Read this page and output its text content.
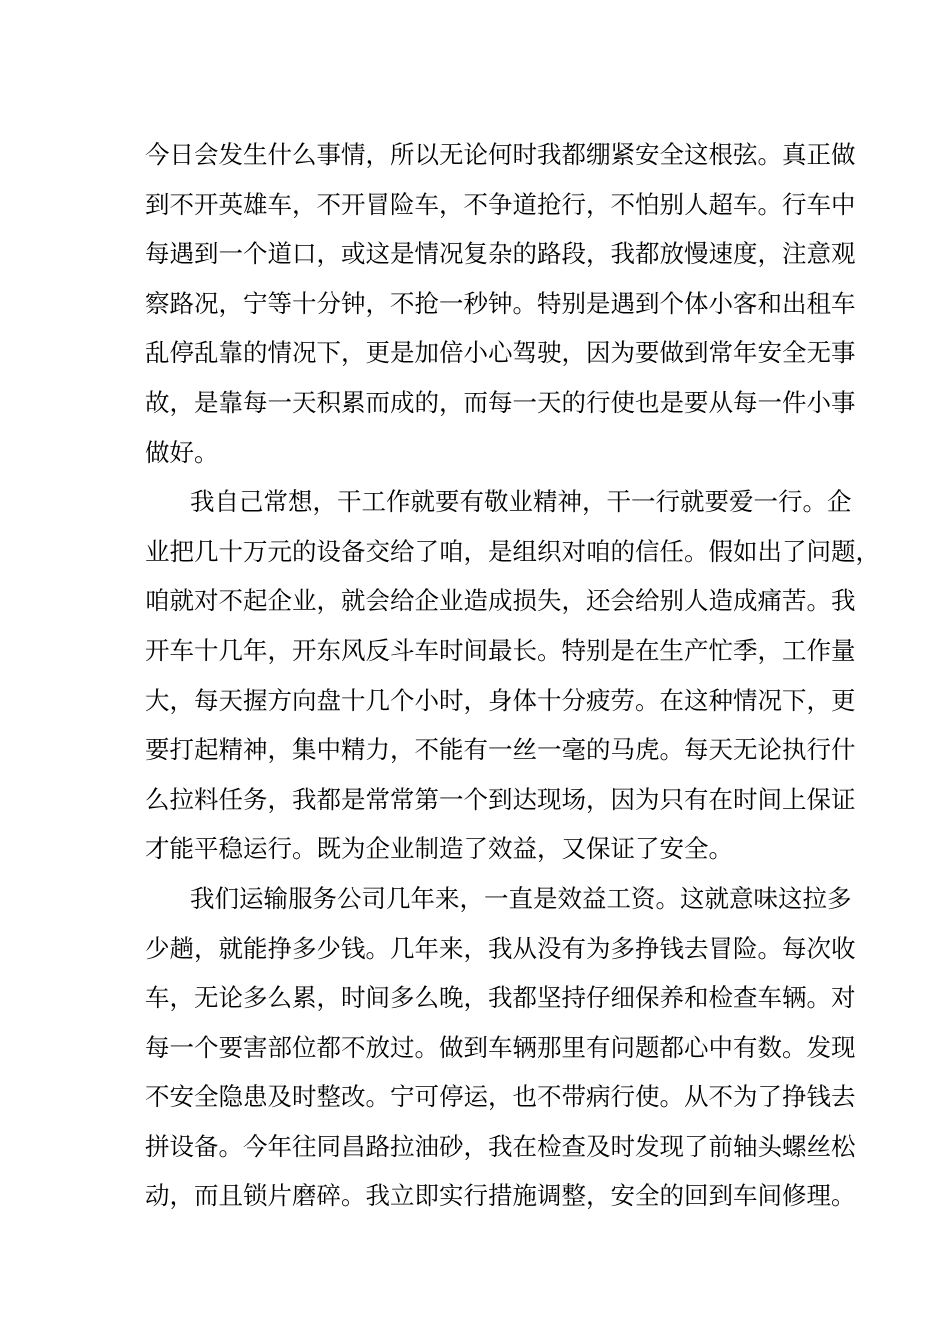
今日会发生什么事情，所以无论何时我都绷紧安全这根弦。真正做
到不开英雄车，不开冒险车，不争道抢行，不怕别人超车。行车中
每遇到一个道口，或这是情况复杂的路段，我都放慢速度，注意观
察路况，宁等十分钟，不抢一秒钟。特别是遇到个体小客和出租车
乱停乱靠的情况下，更是加倍小心驾驶，因为要做到常年安全无事
故，是靠每一天积累而成的，而每一天的行使也是要从每一件小事
做好。
我自己常想，干工作就要有敬业精神，干一行就要爱一行。企
业把几十万元的设备交给了咱，是组织对咱的信任。假如出了问题，
咱就对不起企业，就会给企业造成损失，还会给别人造成痛苦。我
开车十几年，开东风反斗车时间最长。特别是在生产忙季，工作量
大，每天握方向盘十几个小时，身体十分疲劳。在这种情况下，更
要打起精神，集中精力，不能有一丝一毫的马虎。每天无论执行什
么拉料任务，我都是常常第一个到达现场，因为只有在时间上保证
才能平稳运行。既为企业制造了效益，又保证了安全。
我们运输服务公司几年来，一直是效益工资。这就意味这拉多
少趟，就能挣多少钱。几年来，我从没有为多挣钱去冒险。每次收
车，无论多么累，时间多么晚，我都坚持仔细保养和检查车辆。对
每一个要害部位都不放过。做到车辆那里有问题都心中有数。发现
不安全隐患及时整改。宁可停运，也不带病行使。从不为了挣钱去
拼设备。今年往同昌路拉油砂，我在检查及时发现了前轴头螺丝松
动，而且锁片磨碎。我立即实行措施调整，安全的回到车间修理。
